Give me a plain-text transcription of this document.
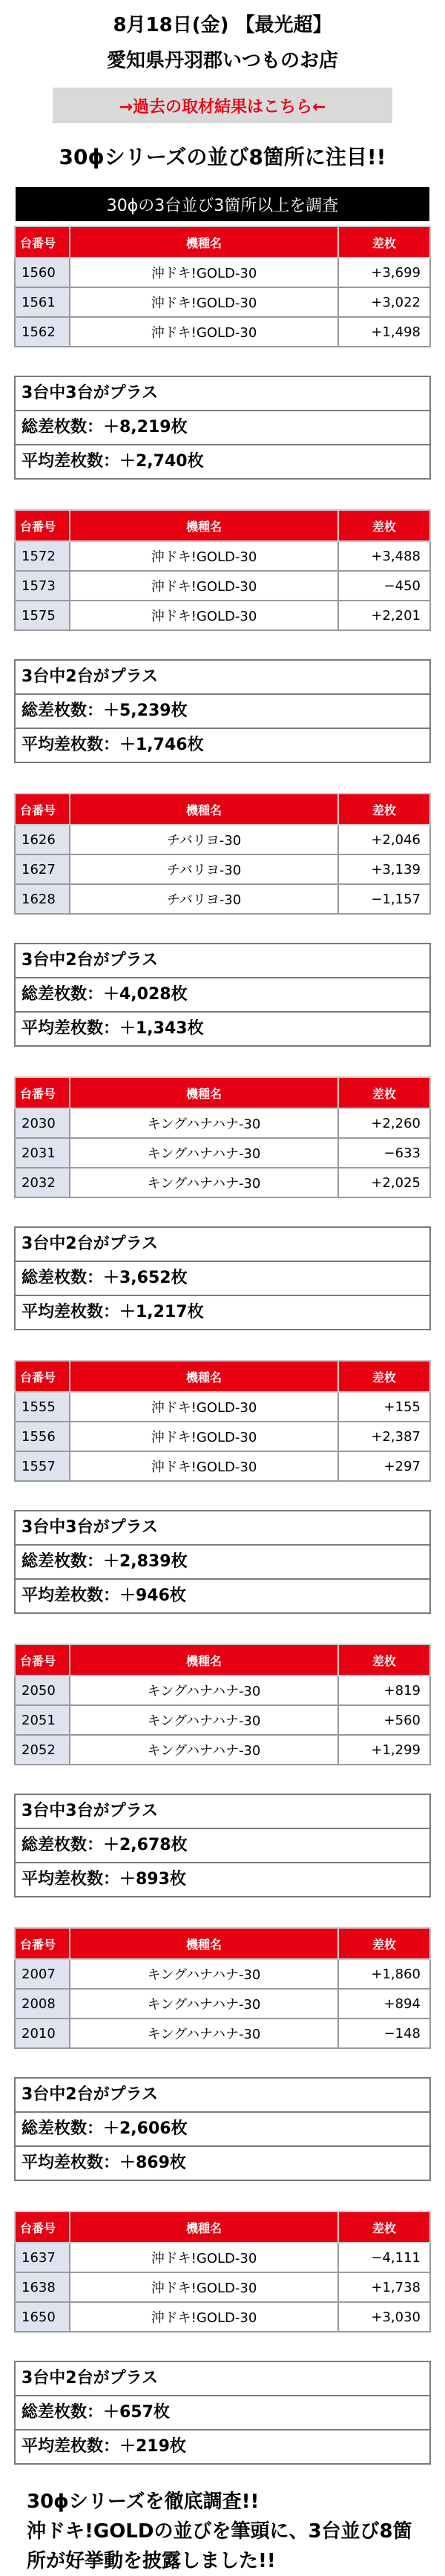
8月18日(金) 【最光超】
愛知県丹羽郡いつものお店
→過去の取材結果はこちら←
30ϕシリーズの並び8箇所に注目!!
30ϕの3台並び3箇所以上を調査
台番号	機種名	差枚
1560	沖ドキ!GOLD-30	+3,699
1561	沖ドキ!GOLD-30	+3,022
1562	沖ドキ!GOLD-30	+1,498
3台中3台がプラス
総差枚数：＋8,219枚
平均差枚数：＋2,740枚
台番号	機種名	差枚
1572	沖ドキ!GOLD-30	+3,488
1573	沖ドキ!GOLD-30	−450
1575	沖ドキ!GOLD-30	+2,201
3台中2台がプラス
総差枚数：＋5,239枚
平均差枚数：＋1,746枚
台番号	機種名	差枚
1626	チバリヨ-30	+2,046
1627	チバリヨ-30	+3,139
1628	チバリヨ-30	−1,157
3台中2台がプラス
総差枚数：＋4,028枚
平均差枚数：＋1,343枚
台番号	機種名	差枚
2030	キングハナハナ-30	+2,260
2031	キングハナハナ-30	−633
2032	キングハナハナ-30	+2,025
3台中2台がプラス
総差枚数：＋3,652枚
平均差枚数：＋1,217枚
台番号	機種名	差枚
1555	沖ドキ!GOLD-30	+155
1556	沖ドキ!GOLD-30	+2,387
1557	沖ドキ!GOLD-30	+297
3台中3台がプラス
総差枚数：＋2,839枚
平均差枚数：＋946枚
台番号	機種名	差枚
2050	キングハナハナ-30	+819
2051	キングハナハナ-30	+560
2052	キングハナハナ-30	+1,299
3台中3台がプラス
総差枚数：＋2,678枚
平均差枚数：＋893枚
台番号	機種名	差枚
2007	キングハナハナ-30	+1,860
2008	キングハナハナ-30	+894
2010	キングハナハナ-30	−148
3台中2台がプラス
総差枚数：＋2,606枚
平均差枚数：＋869枚
台番号	機種名	差枚
1637	沖ドキ!GOLD-30	−4,111
1638	沖ドキ!GOLD-30	+1,738
1650	沖ドキ!GOLD-30	+3,030
3台中2台がプラス
総差枚数：＋657枚
平均差枚数：＋219枚
30ϕシリーズを徹底調査!!
沖ドキ!GOLDの並びを筆頭に、3台並び8箇所が好挙動を披露しました!!
